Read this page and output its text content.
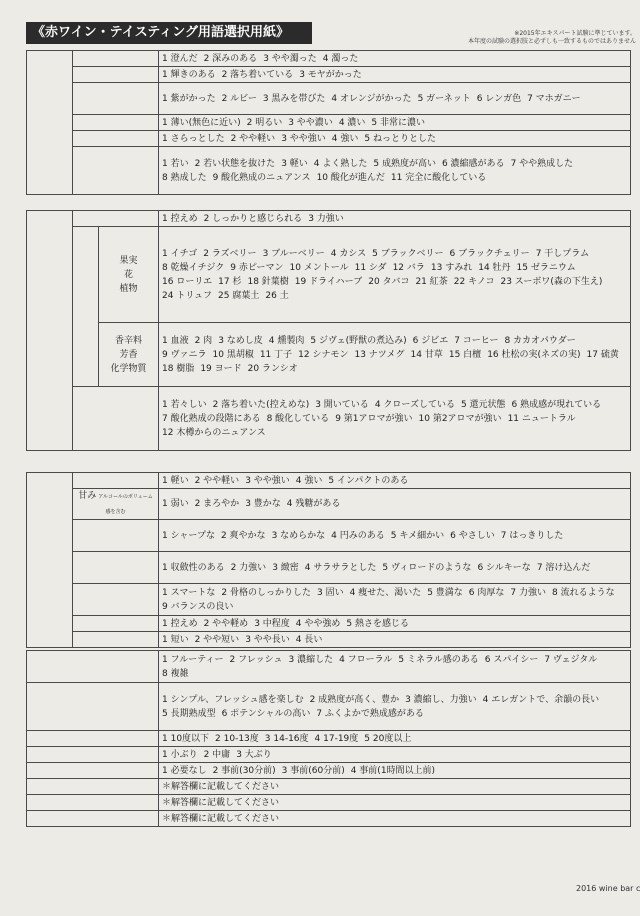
《赤ワイン・テイスティング用語選択用紙》	※2015年エキスパート試験に準じています。
本年度の試験の選択肢と必ずしも一致するものではありません
		1 澄んだ 2 深みのある 3 やや濁った 4 濁った
		1 輝きのある 2 落ち着いている 3 モヤがかった
		1 紫がかった 2 ルビー 3 黒みを帯びた 4 オレンジがかった 5 ガーネット 6 レンガ色 7 マホガニー
		1 薄い(無色に近い) 2 明るい 3 やや濃い 4 濃い 5 非常に濃い
		1 さらっとした 2 やや軽い 3 やや強い 4 強い 5 ねっとりとした
		1 若い 2 若い状態を抜けた 3 軽い 4 よく熟した 5 成熟度が高い 6 濃縮感がある 7 やや熟成した8 熟成した 9 酸化熟成のニュアンス 10 酸化が進んだ 11 完全に酸化している
			1 控えめ 2 しっかりと感じられる 3 力強い

		果実
花
植物	1 イチゴ 2 ラズベリー 3 ブルーベリー 4 カシス 5 ブラックベリー 6 ブラックチェリー 7 干しプラム8 乾燥イチジク 9 赤ピーマン 10 メントール 11 シダ 12 バラ 13 すみれ 14 牡丹 15 ゼラニウム16 ローリエ 17 杉 18 針葉樹 19 ドライハーブ 20 タバコ 21 紅茶 22 キノコ 23 スーボワ(森の下生え)24 トリュフ 25 腐葉土 26 土

		香辛料
芳香
化学物質	1 血液 2 肉 3 なめし皮 4 燻製肉 5 ジヴェ(野獣の煮込み) 6 ジビエ 7 コーヒー 8 カカオパウダー9 ヴァニラ 10 黒胡椒 11 丁子 12 シナモン 13 ナツメグ 14 甘草 15 白檀 16 杜松の実(ネズの実) 17 硫黄18 樹脂 19 ヨード 20 ランシオ
			1 若々しい 2 落ち着いた(控えめな) 3 開いている 4 クローズしている 5 還元状態 6 熟成感が現れている7 酸化熟成の段階にある 8 酸化している 9 第1アロマが強い 10 第2アロマが強い 11 ニュートラル12 木樽からのニュアンス
		1 軽い 2 やや軽い 3 やや強い 4 強い 5 インパクトのある
	甘み アルコールのボリューム感を含む	1 弱い 2 まろやか 3 豊かな 4 残糖がある
		1 シャープな 2 爽やかな 3 なめらかな 4 円みのある 5 キメ細かい 6 やさしい 7 はっきりした
		1 収斂性のある 2 力強い 3 緻密 4 サラサラとした 5 ヴィロードのような 6 シルキーな 7 溶け込んだ
		1 スマートな 2 骨格のしっかりした 3 固い 4 痩せた、渇いた 5 豊満な 6 肉厚な 7 力強い 8 流れるような9 バランスの良い
		1 控えめ 2 やや軽め 3 中程度 4 やや強め 5 熱さを感じる
		1 短い 2 やや短い 3 やや長い 4 長い
	1 フルーティー 2 フレッシュ 3 濃縮した 4 フローラル 5 ミネラル感のある 6 スパイシー 7 ヴェジタル8 複雑
	1 シンプル、フレッシュ感を楽しむ 2 成熟度が高く、豊か 3 濃縮し、力強い 4 エレガントで、余韻の長い5 長期熟成型 6 ポテンシャルの高い 7 ふくよかで熟成感がある
	1 10度以下 2 10-13度 3 14-16度 4 17-19度 5 20度以上
	1 小ぶり 2 中庸 3 大ぶり
	1 必要なし 2 事前(30分前) 3 事前(60分前) 4 事前(1時間以上前)
	＊解答欄に記載してください
	＊解答欄に記載してください
	＊解答欄に記載してください
2016 wine bar c
